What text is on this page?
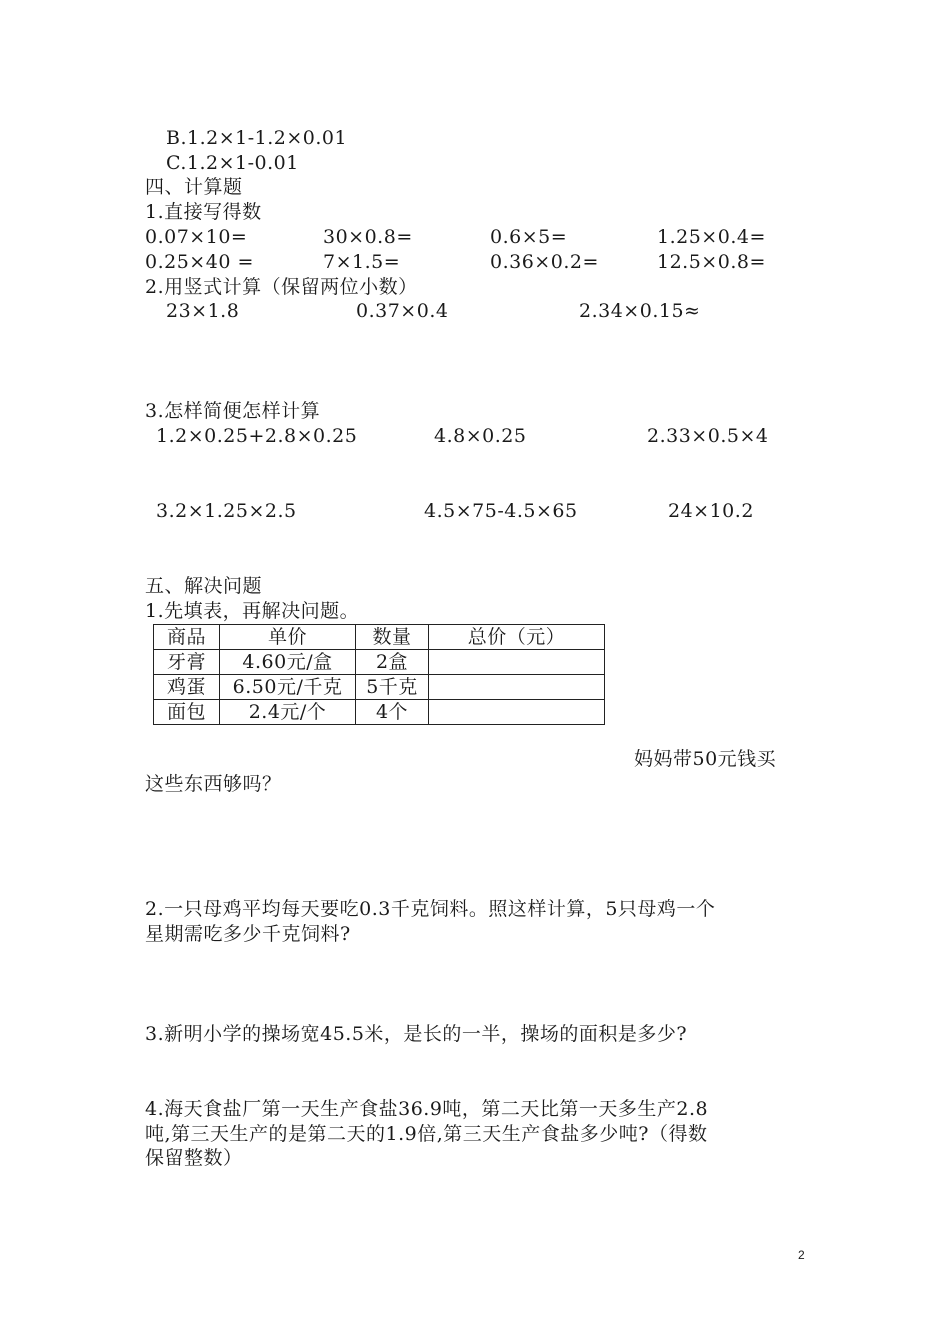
B.1.2×1-1.2×0.01
C.1.2×1-0.01
四、计算题
1.直接写得数
0.07×10=	30×0.8=	0.6×5=	1.25×0.4=
0.25×40 =	7×1.5=	0.36×0.2=	12.5×0.8=
2.用竖式计算（保留两位小数）
23×1.8	0.37×0.4	2.34×0.15≈
3.怎样简便怎样计算
1.2×0.25+2.8×0.25	4.8×0.25	2.33×0.5×4
3.2×1.25×2.5	4.5×75-4.5×65	24×10.2
五、解决问题
1.先填表，再解决问题。
商品	单价	数量	总价（元）
牙膏	4.60元/盒	2盒	
鸡蛋	6.50元/千克	5千克	
面包	2.4元/个	4个	
妈妈带50元钱买
这些东西够吗？
2.一只母鸡平均每天要吃0.3千克饲料。照这样计算，5只母鸡一个
星期需吃多少千克饲料?
3.新明小学的操场宽45.5米，是长的一半，操场的面积是多少?
4.海天食盐厂第一天生产食盐36.9吨，第二天比第一天多生产2.8
吨,第三天生产的是第二天的1.9倍,第三天生产食盐多少吨?（得数
保留整数）
2
